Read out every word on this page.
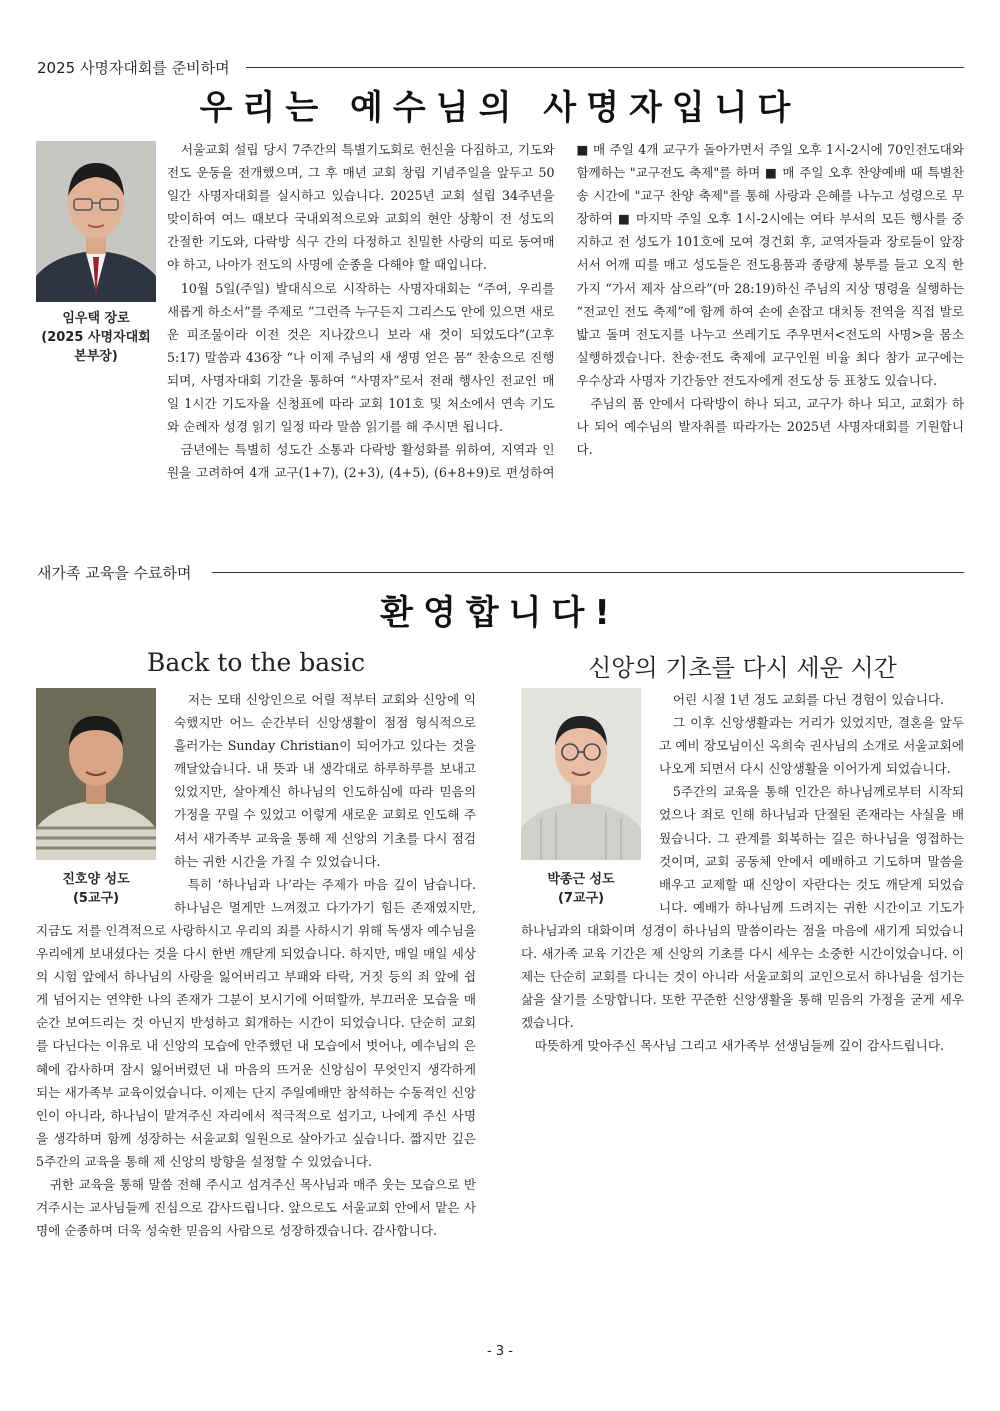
2025 사명자대회를 준비하며
우리는 예수님의 사명자입니다
임우택 장로
(2025 사명자대회
본부장)

서울교회 설립 당시 7주간의 특별기도회로 헌신을 다짐하고, 기도와 전도 운동을 전개했으며, 그 후 매년 교회 창립 기념주일을 앞두고 50일간 사명자대회를 실시하고 있습니다. 2025년 교회 설립 34주년을 맞이하여 여느 때보다 국내외적으로와 교회의 현안 상황이 전 성도의 간절한 기도와, 다락방 식구 간의 다정하고 친밀한 사랑의 띠로 동여매야 하고, 나아가 전도의 사명에 순종을 다해야 할 때입니다.

10월 5일(주일) 발대식으로 시작하는 사명자대회는 “주여, 우리를 새롭게 하소서”를 주제로 “그런즉 누구든지 그리스도 안에 있으면 새로운 피조물이라 이전 것은 지나갔으니 보라 새 것이 되었도다”(고후 5:17) 말씀과 436장 “나 이제 주님의 새 생명 얻은 몸“ 찬송으로 진행되며, 사명자대회 기간을 통하여 “사명자”로서 전래 행사인 전교인 매일 1시간 기도자율 신청표에 따라 교회 101호 및 처소에서 연속 기도와 순례자 성경 읽기 일정 따라 말씀 읽기를 해 주시면 됩니다.

금년에는 특별히 성도간 소통과 다락방 활성화를 위하여, 지역과 인원을 고려하여 4개 교구(1+7), (2+3), (4+5), (6+8+9)로 편성하여 ■ 매 주일 4개 교구가 돌아가면서 주일 오후 1시-2시에 70인전도대와 함께하는 "교구전도 축제"를 하며 ■ 매 주일 오후 찬양예배 때 특별찬송 시간에 "교구 찬양 축제"를 통해 사랑과 은혜를 나누고 성령으로 무장하여 ■ 마지막 주일 오후 1시-2시에는 여타 부서의 모든 행사를 중지하고 전 성도가 101호에 모여 경건회 후, 교역자들과 장로들이 앞장서서 어깨 띠를 매고 성도들은 전도용품과 종량제 봉투를 들고 오직 한가지 “가서 제자 삼으라”(마 28:19)하신 주님의 지상 명령을 실행하는 “전교인 전도 축제”에 함께 하여 손에 손잡고 대치동 전역을 직접 발로 밟고 돌며 전도지를 나누고 쓰레기도 주우면서<전도의 사명>을 몸소 실행하겠습니다. 찬송·전도 축제에 교구인원 비율 최다 참가 교구에는 우수상과 사명자 기간동안 전도자에게 전도상 등 표창도 있습니다.

주님의 품 안에서 다락방이 하나 되고, 교구가 하나 되고, 교회가 하나 되어 예수님의 발자취를 따라가는 2025년 사명자대회를 기원합니다.

새가족 교육을 수료하며
환영합니다!
Back to the basic
진호양 성도
(5교구)

저는 모태 신앙인으로 어릴 적부터 교회와 신앙에 익숙했지만 어느 순간부터 신앙생활이 점점 형식적으로 흘러가는 Sunday Christian이 되어가고 있다는 것을 깨달았습니다. 내 뜻과 내 생각대로 하루하루를 보내고 있었지만, 살아계신 하나님의 인도하심에 따라 믿음의 가정을 꾸릴 수 있었고 이렇게 새로운 교회로 인도해 주셔서 새가족부 교육을 통해 제 신앙의 기초를 다시 점검하는 귀한 시간을 가질 수 있었습니다.

특히 ‘하나님과 나’라는 주제가 마음 깊이 남습니다. 하나님은 멀게만 느껴졌고 다가가기 힘든 존재였지만, 지금도 저를 인격적으로 사랑하시고 우리의 죄를 사하시기 위해 독생자 예수님을 우리에게 보내셨다는 것을 다시 한번 깨닫게 되었습니다. 하지만, 매일 매일 세상의 시험 앞에서 하나님의 사랑을 잃어버리고 부패와 타락, 거짓 등의 죄 앞에 쉽게 넘어지는 연약한 나의 존재가 그분이 보시기에 어떠할까, 부끄러운 모습을 매순간 보여드리는 것 아닌지 반성하고 회개하는 시간이 되었습니다. 단순히 교회를 다닌다는 이유로 내 신앙의 모습에 안주했던 내 모습에서 벗어나, 예수님의 은혜에 감사하며 잠시 잃어버렸던 내 마음의 뜨거운 신앙심이 무엇인지 생각하게 되는 새가족부 교육이었습니다. 이제는 단지 주일예배만 참석하는 수동적인 신앙인이 아니라, 하나님이 맡겨주신 자리에서 적극적으로 섬기고, 나에게 주신 사명을 생각하며 함께 성장하는 서울교회 일원으로 살아가고 싶습니다. 짧지만 깊은 5주간의 교육을 통해 제 신앙의 방향을 설정할 수 있었습니다.

귀한 교육을 통해 말씀 전해 주시고 섬겨주신 목사님과 매주 웃는 모습으로 반겨주시는 교사님들께 진심으로 감사드립니다. 앞으로도 서울교회 안에서 맡은 사명에 순종하며 더욱 성숙한 믿음의 사람으로 성장하겠습니다. 감사합니다.

신앙의 기초를 다시 세운 시간
박종근 성도
(7교구)

어린 시절 1년 정도 교회를 다닌 경험이 있습니다.

그 이후 신앙생활과는 거리가 있었지만, 결혼을 앞두고 예비 장모님이신 옥희숙 권사님의 소개로 서울교회에 나오게 되면서 다시 신앙생활을 이어가게 되었습니다.

5주간의 교육을 통해 인간은 하나님께로부터 시작되었으나 죄로 인해 하나님과 단절된 존재라는 사실을 배웠습니다. 그 관계를 회복하는 길은 하나님을 영접하는 것이며, 교회 공동체 안에서 예배하고 기도하며 말씀을 배우고 교제할 때 신앙이 자란다는 것도 깨닫게 되었습니다. 예배가 하나님께 드려지는 귀한 시간이고 기도가 하나님과의 대화이며 성경이 하나님의 말씀이라는 점을 마음에 새기게 되었습니다. 새가족 교육 기간은 제 신앙의 기초를 다시 세우는 소중한 시간이었습니다. 이제는 단순히 교회를 다니는 것이 아니라 서울교회의 교인으로서 하나님을 섬기는 삶을 살기를 소망합니다. 또한 꾸준한 신앙생활을 통해 믿음의 가정을 굳게 세우겠습니다.

따뜻하게 맞아주신 목사님 그리고 새가족부 선생님들께 깊이 감사드립니다.

- 3 -
